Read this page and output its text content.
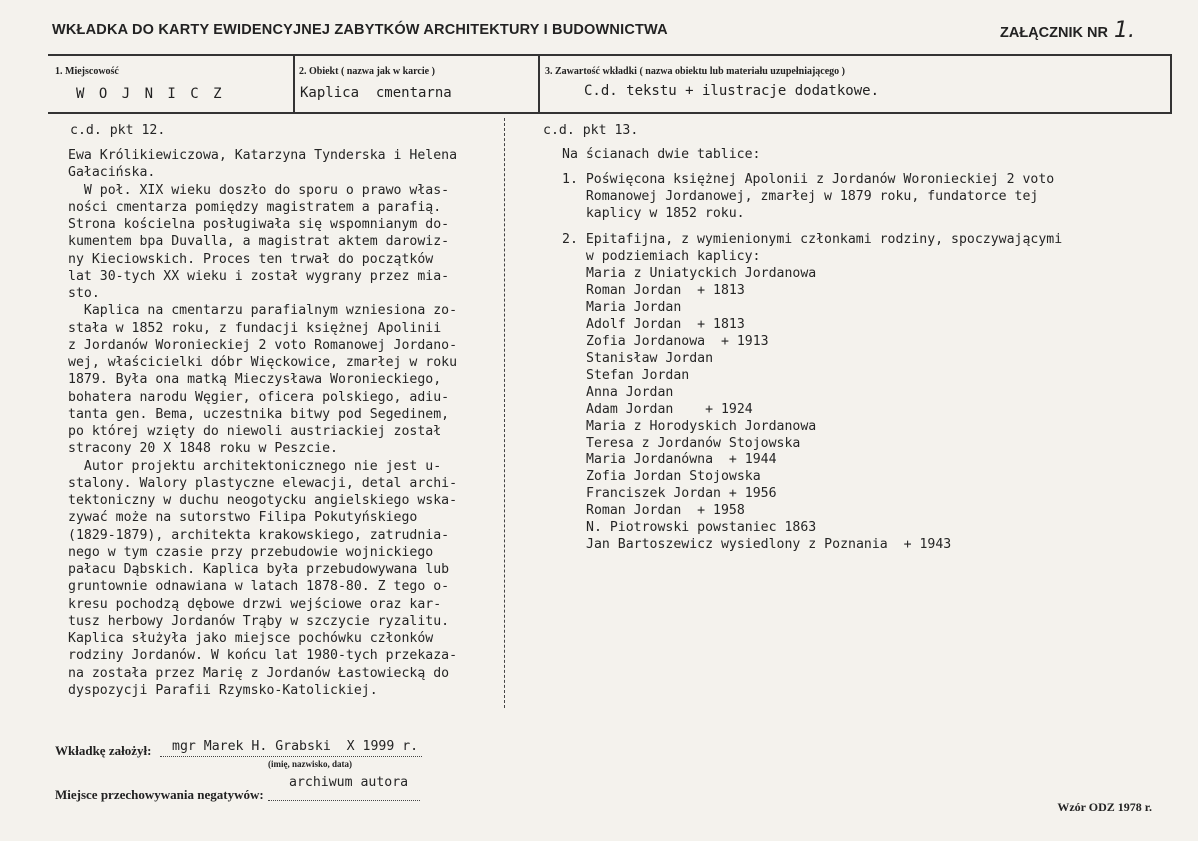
WKŁADKA DO KARTY EWIDENCYJNEJ ZABYTKÓW ARCHITEKTURY I BUDOWNICTWA	ZAŁĄCZNIK NR 1.
1. Miejscowość
W O J N I C Z
2. Obiekt ( nazwa jak w karcie )
Kaplica  cmentarna
3. Zawartość wkładki ( nazwa obiektu lub materiału uzupełniającego )
C.d. tekstu + ilustracje dodatkowe.
c.d. pkt 12.
Ewa Królikiewiczowa, Katarzyna Tynderska i Helena
Gałacińska.
W poł. XIX wieku doszło do sporu o prawo włas-
ności cmentarza pomiędzy magistratem a parafią.
Strona kościelna posługiwała się wspomnianym do-
kumentem bpa Duvalla, a magistrat aktem darowiz-
ny Kieciowskich. Proces ten trwał do początków
lat 30-tych XX wieku i został wygrany przez mia-
sto.
Kaplica na cmentarzu parafialnym wzniesiona zo-
stała w 1852 roku, z fundacji księżnej Apolinii
z Jordanów Woronieckiej 2 voto Romanowej Jordano-
wej, właścicielki dóbr Więckowice, zmarłej w roku
1879. Była ona matką Mieczysława Woronieckiego,
bohatera narodu Węgier, oficera polskiego, adiu-
tanta gen. Bema, uczestnika bitwy pod Segedinem,
po której wzięty do niewoli austriackiej został
stracony 20 X 1848 roku w Peszcie.
Autor projektu architektonicznego nie jest u-
stalony. Walory plastyczne elewacji, detal archi-
tektoniczny w duchu neogotycku angielskiego wska-
zywać może na sutorstwo Filipa Pokutyńskiego
(1829-1879), architekta krakowskiego, zatrudnia-
nego w tym czasie przy przebudowie wojnickiego
pałacu Dąbskich. Kaplica była przebudowywana lub
gruntownie odnawiana w latach 1878-80. Z tego o-
kresu pochodzą dębowe drzwi wejściowe oraz kar-
tusz herbowy Jordanów Trąby w szczycie ryzalitu.
Kaplica służyła jako miejsce pochówku członków
rodziny Jordanów. W końcu lat 1980-tych przekaza-
na została przez Marię z Jordanów Łastowiecką do
dyspozycji Parafii Rzymsko-Katolickiej.
c.d. pkt 13.
Na ścianach dwie tablice:
1. Poświęcona księżnej Apolonii z Jordanów Woronieckiej 2 voto
Romanowej Jordanowej, zmarłej w 1879 roku, fundatorce tej
kaplicy w 1852 roku.
2. Epitafijna, z wymienionymi członkami rodziny, spoczywającymi
w podziemiach kaplicy:
Maria z Uniatyckich Jordanowa
Roman Jordan  + 1813
Maria Jordan
Adolf Jordan  + 1813
Zofia Jordanowa  + 1913
Stanisław Jordan
Stefan Jordan
Anna Jordan
Adam Jordan    + 1924
Maria z Horodyskich Jordanowa
Teresa z Jordanów Stojowska
Maria Jordanówna  + 1944
Zofia Jordan Stojowska
Franciszek Jordan + 1956
Roman Jordan  + 1958
N. Piotrowski powstaniec 1863
Jan Bartoszewicz wysiedlony z Poznania  + 1943
Wkładkę założył: mgr Marek H. Grabski  X 1999 r.
(imię, nazwisko, data)
Miejsce przechowywania negatywów:
archiwum autora
Wzór ODZ 1978 r.
